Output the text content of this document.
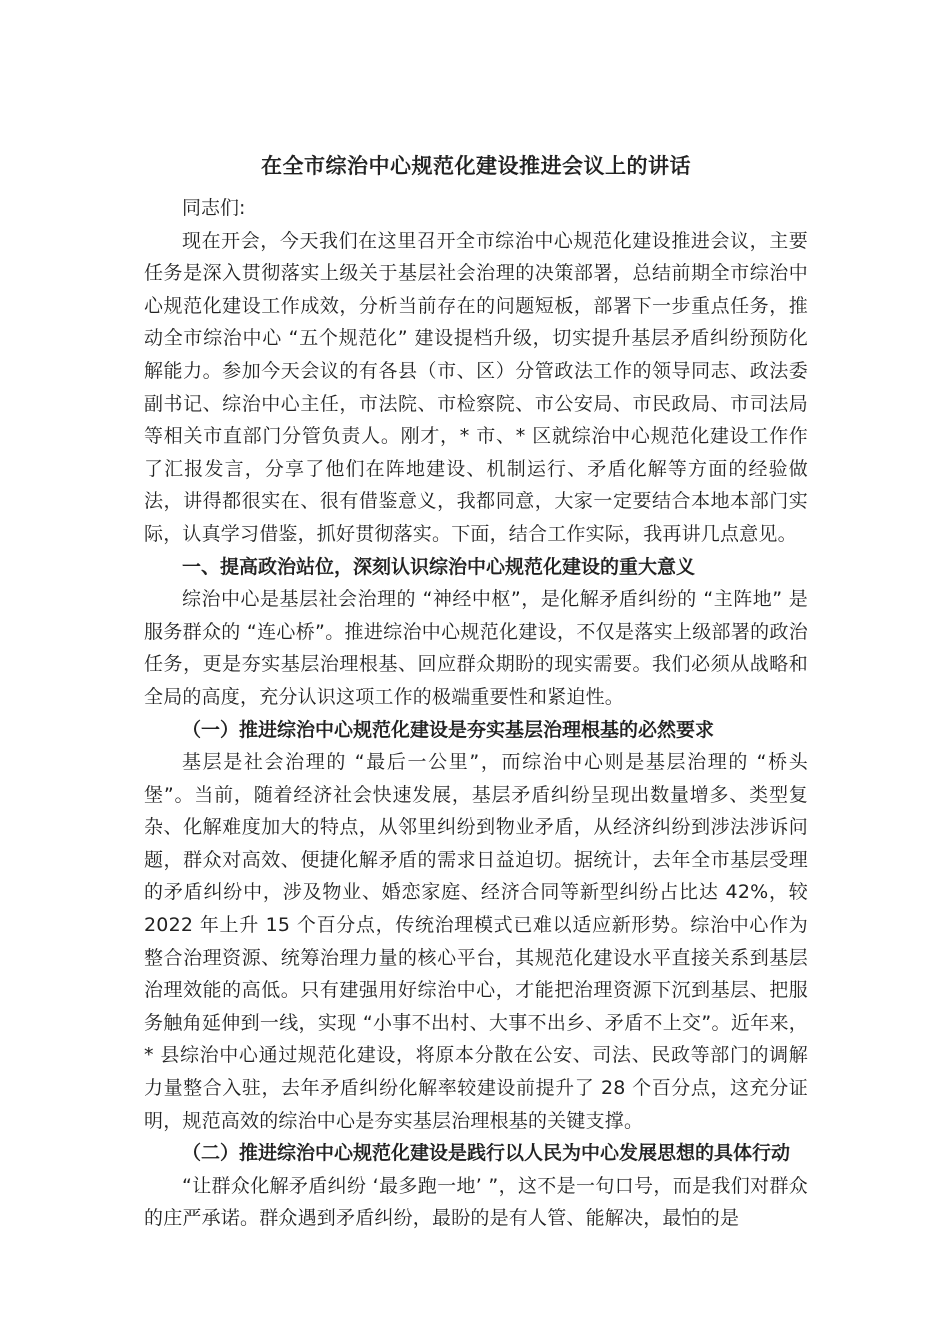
在全市综治中心规范化建设推进会议上的讲话

同志们:

现在开会，今天我们在这里召开全市综治中心规范化建设推进会议，主要任务是深入贯彻落实上级关于基层社会治理的决策部署，总结前期全市综治中心规范化建设工作成效，分析当前存在的问题短板，部署下一步重点任务，推动全市综治中心 “五个规范化” 建设提档升级，切实提升基层矛盾纠纷预防化解能力。参加今天会议的有各县（市、区）分管政法工作的领导同志、政法委副书记、综治中心主任，市法院、市检察院、市公安局、市民政局、市司法局等相关市直部门分管负责人。刚才，* 市、* 区就综治中心规范化建设工作作了汇报发言，分享了他们在阵地建设、机制运行、矛盾化解等方面的经验做法，讲得都很实在、很有借鉴意义，我都同意，大家一定要结合本地本部门实际，认真学习借鉴，抓好贯彻落实。下面，结合工作实际，我再讲几点意见。

一、提高政治站位，深刻认识综治中心规范化建设的重大意义

综治中心是基层社会治理的 “神经中枢”，是化解矛盾纠纷的 “主阵地” 是服务群众的 “连心桥”。推进综治中心规范化建设，不仅是落实上级部署的政治任务，更是夯实基层治理根基、回应群众期盼的现实需要。我们必须从战略和全局的高度，充分认识这项工作的极端重要性和紧迫性。

（一）推进综治中心规范化建设是夯实基层治理根基的必然要求

基层是社会治理的 “最后一公里”，而综治中心则是基层治理的 “桥头堡”。当前，随着经济社会快速发展，基层矛盾纠纷呈现出数量增多、类型复杂、化解难度加大的特点，从邻里纠纷到物业矛盾，从经济纠纷到涉法涉诉问题，群众对高效、便捷化解矛盾的需求日益迫切。据统计，去年全市基层受理的矛盾纠纷中，涉及物业、婚恋家庭、经济合同等新型纠纷占比达 42%，较 2022 年上升 15 个百分点，传统治理模式已难以适应新形势。综治中心作为整合治理资源、统筹治理力量的核心平台，其规范化建设水平直接关系到基层治理效能的高低。只有建强用好综治中心，才能把治理资源下沉到基层、把服务触角延伸到一线，实现 “小事不出村、大事不出乡、矛盾不上交”。近年来，* 县综治中心通过规范化建设，将原本分散在公安、司法、民政等部门的调解力量整合入驻，去年矛盾纠纷化解率较建设前提升了 28 个百分点，这充分证明，规范高效的综治中心是夯实基层治理根基的关键支撑。

（二）推进综治中心规范化建设是践行以人民为中心发展思想的具体行动

“让群众化解矛盾纠纷 ‘最多跑一地’ ”，这不是一句口号，而是我们对群众的庄严承诺。群众遇到矛盾纠纷，最盼的是有人管、能解决，最怕的是
